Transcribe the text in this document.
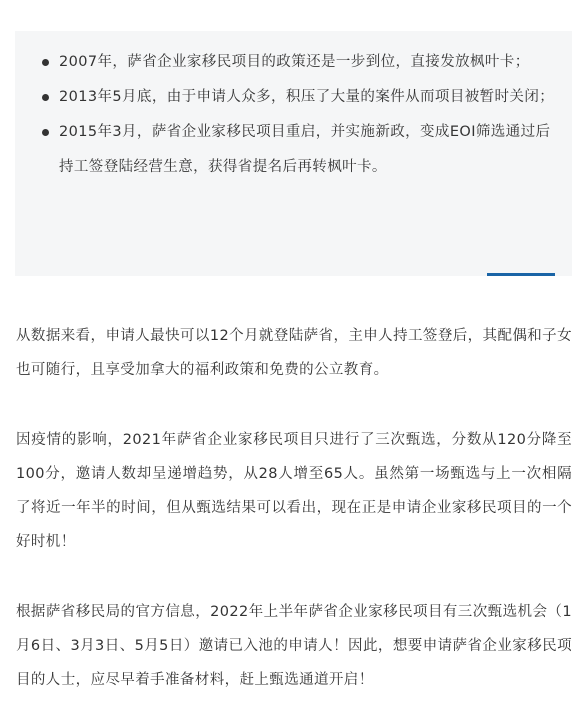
2007年，萨省企业家移民项目的政策还是一步到位，直接发放枫叶卡；
2013年5月底，由于申请人众多，积压了大量的案件从而项目被暂时关闭；
2015年3月，萨省企业家移民项目重启，并实施新政，变成EOI筛选通过后持工签登陆经营生意，获得省提名后再转枫叶卡。

从数据来看，申请人最快可以12个月就登陆萨省，主申人持工签登后，其配偶和子女也可随行，且享受加拿大的福利政策和免费的公立教育。

因疫情的影响，2021年萨省企业家移民项目只进行了三次甄选，分数从120分降至100分，邀请人数却呈递增趋势，从28人增至65人。虽然第一场甄选与上一次相隔了将近一年半的时间，但从甄选结果可以看出，现在正是申请企业家移民项目的一个好时机！

根据萨省移民局的官方信息，2022年上半年萨省企业家移民项目有三次甄选机会（1月6日、3月3日、5月5日）邀请已入池的申请人！因此，想要申请萨省企业家移民项目的人士，应尽早着手准备材料，赶上甄选通道开启！
